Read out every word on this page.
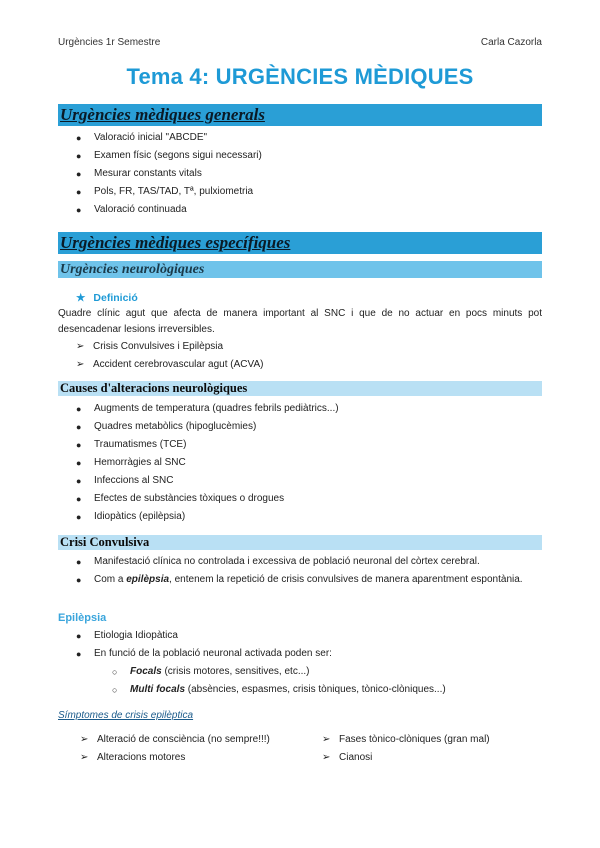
Urgències 1r Semestre	Carla Cazorla
Tema 4: URGÈNCIES MÈDIQUES
Urgències mèdiques generals
● Valoració inicial "ABCDE"
● Examen físic (segons sigui necessari)
● Mesurar constants vitals
● Pols, FR, TAS/TAD, Tª, pulxiometria
● Valoració continuada
Urgències mèdiques específiques
Urgències neurològiques
★ Definició
Quadre clínic agut que afecta de manera important al SNC i que de no actuar en pocs minuts pot desencadenar lesions irreversibles.
➢ Crisis Convulsives i Epilèpsia
➢ Accident cerebrovascular agut (ACVA)
Causes d'alteracions neurològiques
● Augments de temperatura (quadres febrils pediàtrics...)
● Quadres metabòlics (hipoglucèmies)
● Traumatismes (TCE)
● Hemorràgies al SNC
● Infeccions al SNC
● Efectes de substàncies tòxiques o drogues
● Idiopàtics (epilèpsia)
Crisi Convulsiva
● Manifestació clínica no controlada i excessiva de població neuronal del còrtex cerebral.
● Com a epilèpsia, entenem la repetició de crisis convulsives de manera aparentment espontània.
Epilèpsia
● Etiologia Idiopàtica
● En funció de la població neuronal activada poden ser:
○ Focals (crisis motores, sensitives, etc...)
○ Multi focals (absències, espasmes, crisis tòniques, tònico-clòniques...)
Símptomes de crisis epilèptica
➢ Alteració de consciència (no sempre!!!)
➢ Alteracions motores
➢ Fases tònico-clòniques (gran mal)
➢ Cianosi
